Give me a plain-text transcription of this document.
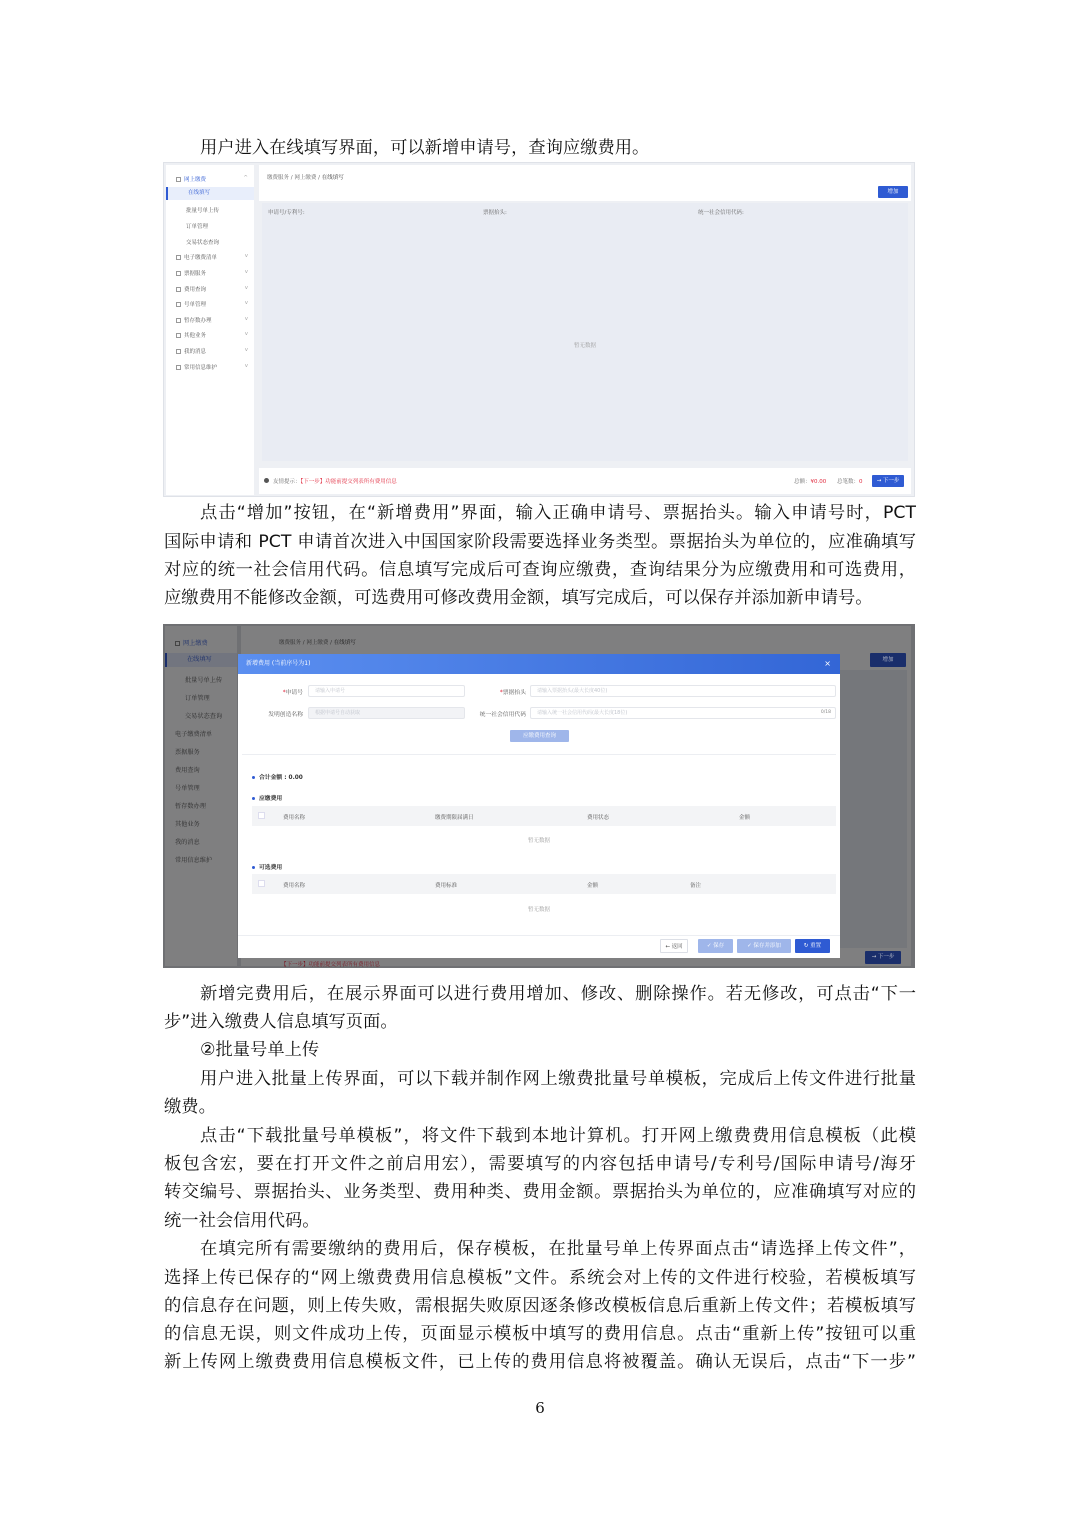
用户进入在线填写界面，可以新增申请号，查询应缴费用。
网上缴费	^
在线填写
批量号单上传
订单管理
交易状态查询
电子缴费清单	v
票据服务	v
费用查询	v
号单管理	v
暂存数办理	v
其他业务	v
我的消息	v
常用信息维护	v
缴费服务 / 网上缴费 / 在线填写
增加
申请号/专利号:	票据抬头:	统一社会信用代码:
暂无数据
友情提示：【下一步】功能前提交列表所有费用信息	总额：¥0.00 总笔数：0	→ 下一步
点击“增加”按钮，在“新增费用”界面，输入正确申请号、票据抬头。输入申请号时，PCT
国际申请和 PCT 申请首次进入中国国家阶段需要选择业务类型。票据抬头为单位的，应准确填写
对应的统一社会信用代码。信息填写完成后可查询应缴费，查询结果分为应缴费用和可选费用，
应缴费用不能修改金额，可选费用可修改费用金额，填写完成后，可以保存并添加新申请号。
网上缴费
在线填写
批量号单上传
订单管理
交易状态查询
电子缴费清单
票据服务
费用查询
号单管理
暂存数办理
其他业务
我的消息
常用信息维护
缴费服务 / 网上缴费 / 在线填写
增加
→ 下一步
【下一步】功能前提交列表所有费用信息
新增费用 (当前序号为1)	×
*申请号	请输入申请号	*票据抬头	请输入票据抬头(最大长度40位)
发明创造名称	根据申请号自动获取	统一社会信用代码	请输入统一社会信用代码(最大长度18位)	0/18
应缴费用查询
合计金额 : 0.00
应缴费用
费用名称	缴费期限届满日	费用状态	金额
暂无数据
可选费用
费用名称	费用标准	金额	备注
暂无数据
← 返回	✓ 保存	✓ 保存并添加	↻ 重置
新增完费用后，在展示界面可以进行费用增加、修改、删除操作。若无修改，可点击“下一
步”进入缴费人信息填写页面。
②批量号单上传
用户进入批量上传界面，可以下载并制作网上缴费批量号单模板，完成后上传文件进行批量
缴费。
点击“下载批量号单模板”，将文件下载到本地计算机。打开网上缴费费用信息模板（此模
板包含宏，要在打开文件之前启用宏），需要填写的内容包括申请号/专利号/国际申请号/海牙
转交编号、票据抬头、业务类型、费用种类、费用金额。票据抬头为单位的，应准确填写对应的
统一社会信用代码。
在填完所有需要缴纳的费用后，保存模板，在批量号单上传界面点击“请选择上传文件”，
选择上传已保存的“网上缴费费用信息模板”文件。系统会对上传的文件进行校验，若模板填写
的信息存在问题，则上传失败，需根据失败原因逐条修改模板信息后重新上传文件；若模板填写
的信息无误，则文件成功上传，页面显示模板中填写的费用信息。点击“重新上传”按钮可以重
新上传网上缴费费用信息模板文件，已上传的费用信息将被覆盖。确认无误后，点击“下一步”
6
